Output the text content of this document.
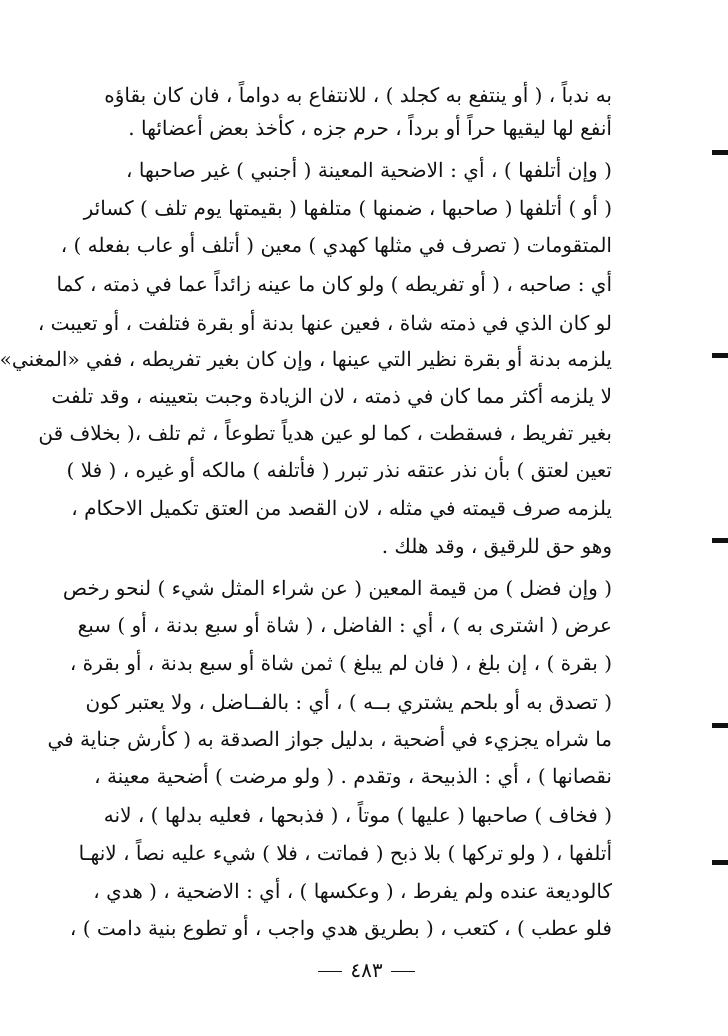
به ندباً ، ( أو ينتفع به كجلد ) ، للانتفاع به دواماً ، فان كان بقاؤه
أنفع لها ليقيها حراً أو برداً ، حرم جزه ، كأخذ بعض أعضائها .
( وإن أتلفها ) ، أي : الاضحية المعينة ( أجنبي ) غير صاحبها ،
( أو ) أتلفها ( صاحبها ، ضمنها ) متلفها ( بقيمتها يوم تلف ) كسائر
المتقومات ( تصرف في مثلها كهدي ) معين ( أتلف أو عاب بفعله ) ،
أي : صاحبه ، ( أو تفريطه ) ولو كان ما عينه زائداً عما في ذمته ، كما
لو كان الذي في ذمته شاة ، فعين عنها بدنة أو بقرة فتلفت ، أو تعيبت ،
يلزمه بدنة أو بقرة نظير التي عينها ، وإن كان بغير تفريطه ، ففي «المغني»
لا يلزمه أكثر مما كان في ذمته ، لان الزيادة وجبت بتعيينه ، وقد تلفت
بغير تفريط ، فسقطت ، كما لو عين هدياً تطوعاً ، ثم تلف ،( بخلاف قن
تعين لعتق ) بأن نذر عتقه نذر تبرر ( فأتلفه ) مالكه أو غيره ، ( فلا )
يلزمه صرف قيمته في مثله ، لان القصد من العتق تكميل الاحكام ،
وهو حق للرقيق ، وقد هلك .
( وإن فضل ) من قيمة المعين ( عن شراء المثل شيء ) لنحو رخص
عرض ( اشترى به ) ، أي : الفاضل ، ( شاة أو سبع بدنة ، أو ) سبع
( بقرة ) ، إن بلغ ، ( فان لم يبلغ ) ثمن شاة أو سبع بدنة ، أو بقرة ،
( تصدق به أو بلحم يشتري بــه ) ، أي : بالفــاضل ، ولا يعتبر كون
ما شراه يجزيء في أضحية ، بدليل جواز الصدقة به ( كأرش جناية في
نقصانها ) ، أي : الذبيحة ، وتقدم . ( ولو مرضت ) أضحية معينة ،
( فخاف ) صاحبها ( عليها ) موتاً ، ( فذبحها ، فعليه بدلها ) ، لانه
أتلفها ، ( ولو تركها ) بلا ذبح ( فماتت ، فلا ) شيء عليه نصاً ، لانهـا
كالوديعة عنده ولم يفرط ، ( وعكسها ) ، أي : الاضحية ، ( هدي ،
فلو عطب ) ، كتعب ، ( بطريق هدي واجب ، أو تطوع بنية دامت ) ،
٤٨٣
